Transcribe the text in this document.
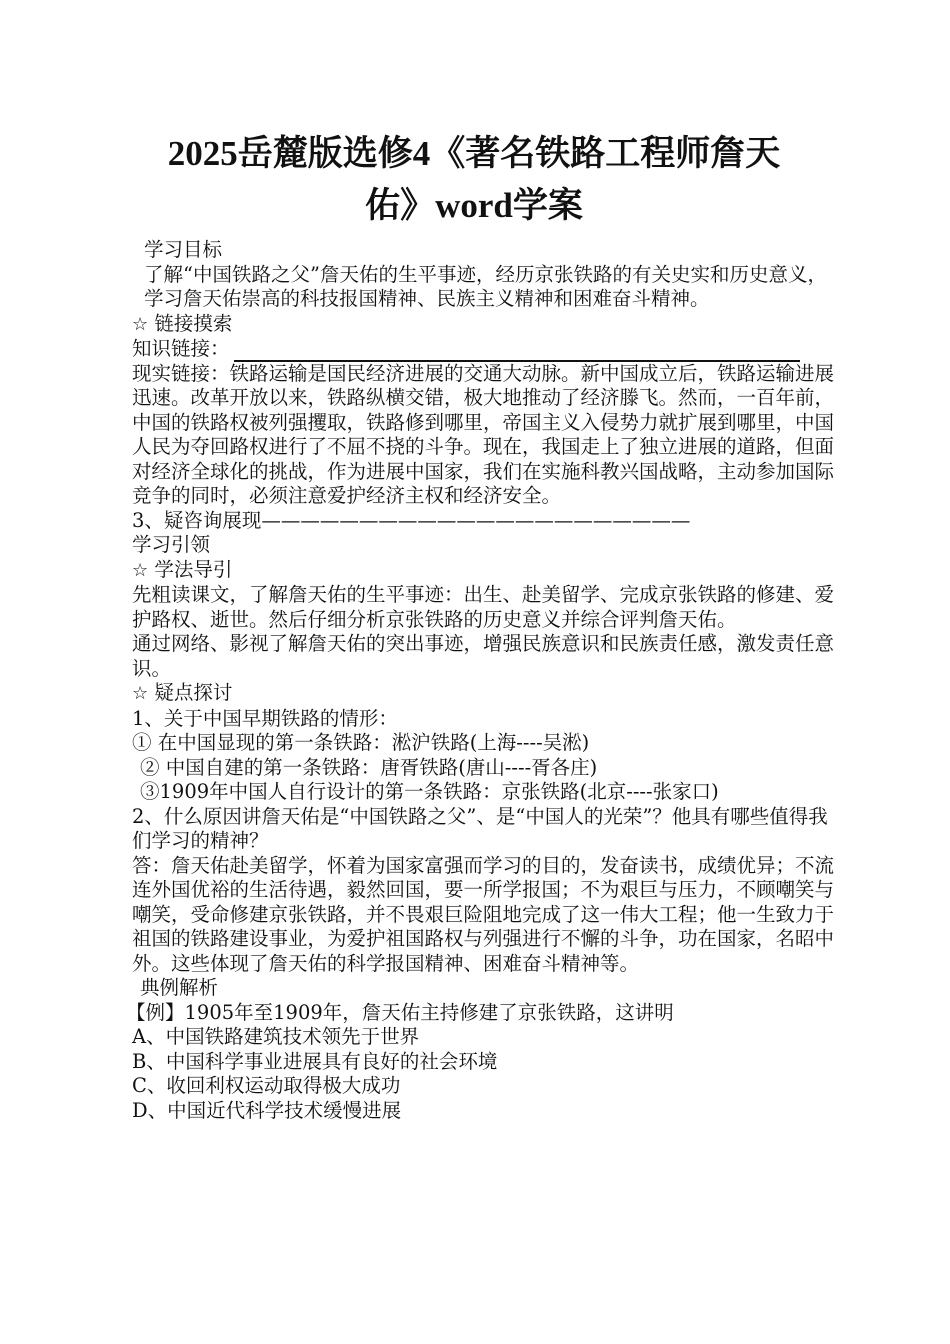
2025岳麓版选修4《著名铁路工程师詹天
佑》word学案

学习目标

了解“中国铁路之父”詹天佑的生平事迹，经历京张铁路的有关史实和历史意义，学习詹天佑崇高的科技报国精神、民族主义精神和困难奋斗精神。

☆ 链接摸索

知识链接：

现实链接：铁路运输是国民经济进展的交通大动脉。新中国成立后，铁路运输进展迅速。改革开放以来，铁路纵横交错，极大地推动了经济滕飞。然而，一百年前，中国的铁路权被列强攫取，铁路修到哪里，帝国主义入侵势力就扩展到哪里，中国人民为夺回路权进行了不屈不挠的斗争。现在，我国走上了独立进展的道路，但面对经济全球化的挑战，作为进展中国家，我们在实施科教兴国战略，主动参加国际竞争的同时，必须注意爱护经济主权和经济安全。

3、疑咨询展现——————————————————————

学习引领

☆ 学法导引

先粗读课文，了解詹天佑的生平事迹：出生、赴美留学、完成京张铁路的修建、爱护路权、逝世。然后仔细分析京张铁路的历史意义并综合评判詹天佑。

通过网络、影视了解詹天佑的突出事迹，增强民族意识和民族责任感，激发责任意识。

☆ 疑点探讨

1、关于中国早期铁路的情形：

① 在中国显现的第一条铁路：淞沪铁路(上海----吴淞)

② 中国自建的第一条铁路：唐胥铁路(唐山----胥各庄)

③1909年中国人自行设计的第一条铁路：京张铁路(北京----张家口)

2、什么原因讲詹天佑是“中国铁路之父”、是“中国人的光荣”？他具有哪些值得我们学习的精神？

答：詹天佑赴美留学，怀着为国家富强而学习的目的，发奋读书，成绩优异；不流连外国优裕的生活待遇，毅然回国，要一所学报国；不为艰巨与压力，不顾嘲笑与嘲笑，受命修建京张铁路，并不畏艰巨险阻地完成了这一伟大工程；他一生致力于祖国的铁路建设事业，为爱护祖国路权与列强进行不懈的斗争，功在国家，名昭中外。这些体现了詹天佑的科学报国精神、困难奋斗精神等。

典例解析

【例】1905年至1909年，詹天佑主持修建了京张铁路，这讲明

A、中国铁路建筑技术领先于世界

B、中国科学事业进展具有良好的社会环境

C、收回利权运动取得极大成功

D、中国近代科学技术缓慢进展
